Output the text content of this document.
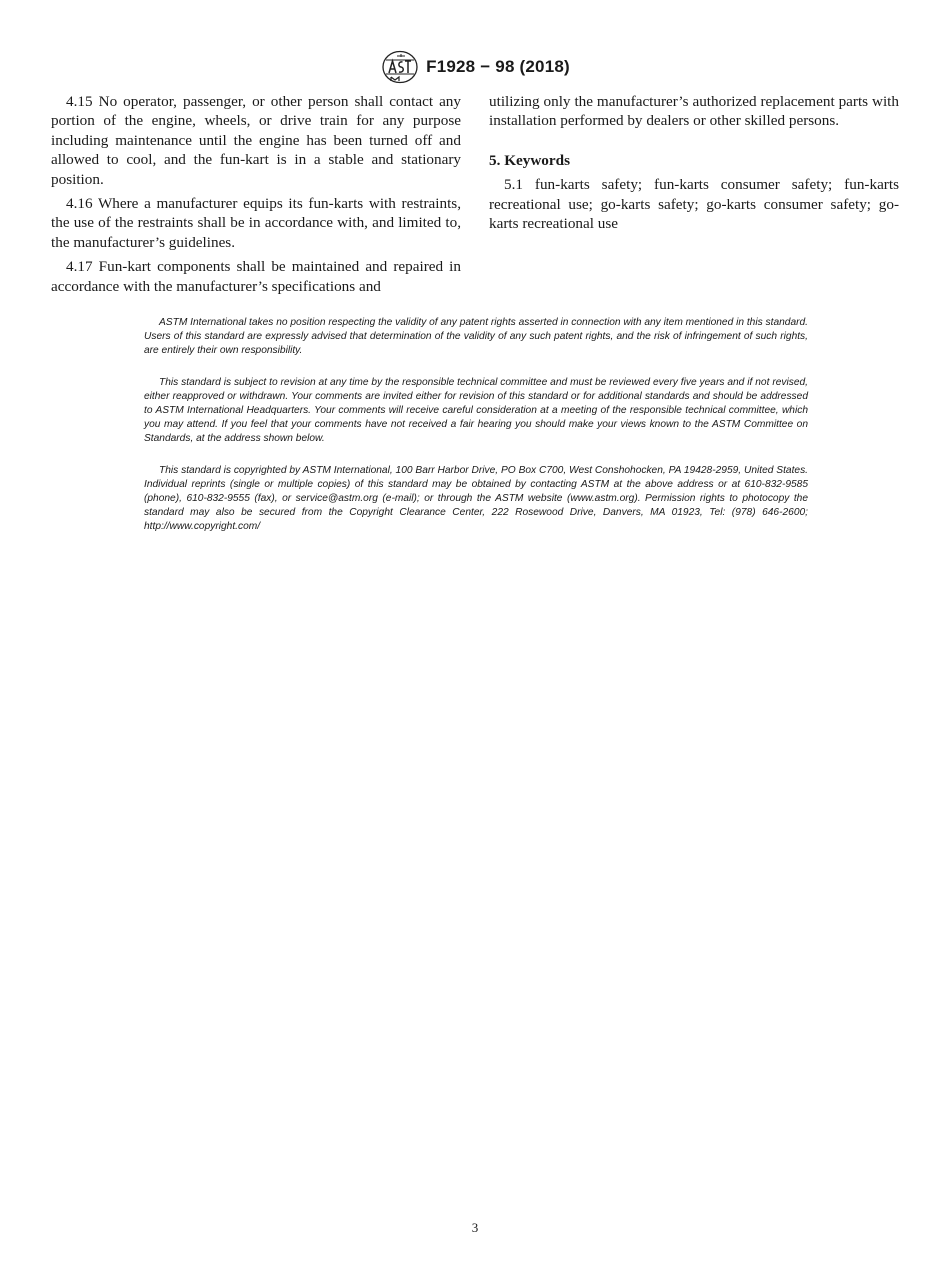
F1928 − 98 (2018)

4.15 No operator, passenger, or other person shall contact any portion of the engine, wheels, or drive train for any purpose including maintenance until the engine has been turned off and allowed to cool, and the fun-kart is in a stable and stationary position.

4.16 Where a manufacturer equips its fun-karts with restraints, the use of the restraints shall be in accordance with, and limited to, the manufacturer’s guidelines.

4.17 Fun-kart components shall be maintained and repaired in accordance with the manufacturer’s specifications and

utilizing only the manufacturer’s authorized replacement parts with installation performed by dealers or other skilled persons.

5. Keywords

5.1 fun-karts safety; fun-karts consumer safety; fun-karts recreational use; go-karts safety; go-karts consumer safety; go-karts recreational use

ASTM International takes no position respecting the validity of any patent rights asserted in connection with any item mentioned in this standard. Users of this standard are expressly advised that determination of the validity of any such patent rights, and the risk of infringement of such rights, are entirely their own responsibility.

This standard is subject to revision at any time by the responsible technical committee and must be reviewed every five years and if not revised, either reapproved or withdrawn. Your comments are invited either for revision of this standard or for additional standards and should be addressed to ASTM International Headquarters. Your comments will receive careful consideration at a meeting of the responsible technical committee, which you may attend. If you feel that your comments have not received a fair hearing you should make your views known to the ASTM Committee on Standards, at the address shown below.

This standard is copyrighted by ASTM International, 100 Barr Harbor Drive, PO Box C700, West Conshohocken, PA 19428-2959, United States. Individual reprints (single or multiple copies) of this standard may be obtained by contacting ASTM at the above address or at 610-832-9585 (phone), 610-832-9555 (fax), or service@astm.org (e-mail); or through the ASTM website (www.astm.org). Permission rights to photocopy the standard may also be secured from the Copyright Clearance Center, 222 Rosewood Drive, Danvers, MA 01923, Tel: (978) 646-2600; http://www.copyright.com/

3
